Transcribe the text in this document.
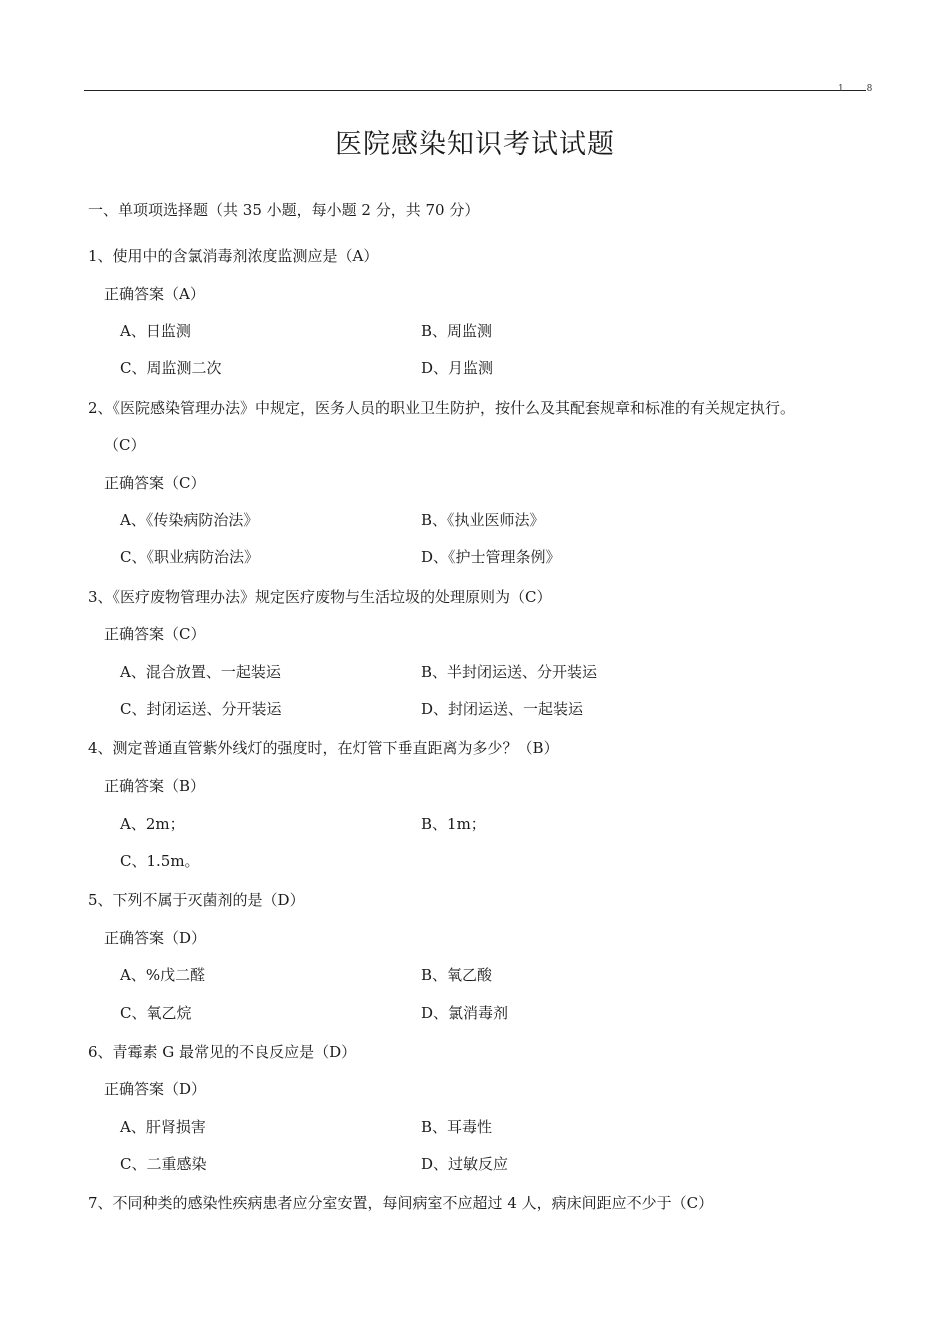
1 8
医院感染知识考试试题
一、单项项选择题（共 35 小题，每小题 2 分，共 70 分）
1、使用中的含氯消毒剂浓度监测应是（A）
正确答案（A）
A、日监测	B、周监测
C、周监测二次	D、月监测
2、《医院感染管理办法》中规定，医务人员的职业卫生防护，按什么及其配套规章和标准的有关规定执行。
（C）
正确答案（C）
A、《传染病防治法》	B、《执业医师法》
C、《职业病防治法》	D、《护士管理条例》
3、《医疗废物管理办法》规定医疗废物与生活垃圾的处理原则为（C）
正确答案（C）
A、混合放置、一起装运	B、半封闭运送、分开装运
C、封闭运送、分开装运	D、封闭运送、一起装运
4、测定普通直管紫外线灯的强度时，在灯管下垂直距离为多少？（B）
正确答案（B）
A、2m；	B、1m；
C、1.5m。
5、下列不属于灭菌剂的是（D）
正确答案（D）
A、%戊二醛	B、氧乙酸
C、氧乙烷	D、氯消毒剂
6、青霉素 G 最常见的不良反应是（D）
正确答案（D）
A、肝肾损害	B、耳毒性
C、二重感染	D、过敏反应
7、不同种类的感染性疾病患者应分室安置，每间病室不应超过 4 人，病床间距应不少于（C）
